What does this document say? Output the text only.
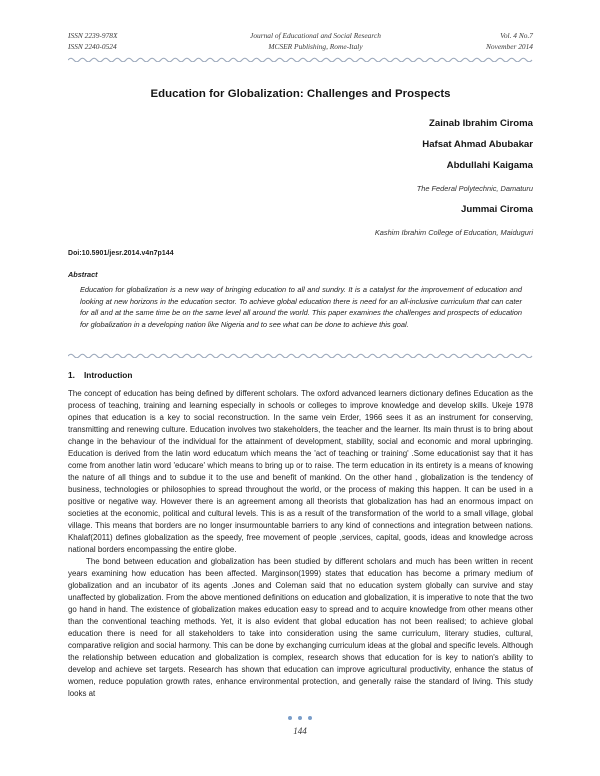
ISSN 2239-978X
ISSN 2240-0524
Journal of Educational and Social Research
MCSER Publishing, Rome-Italy
Vol. 4 No.7
November 2014
Education for Globalization: Challenges and Prospects
Zainab Ibrahim Ciroma
Hafsat Ahmad Abubakar
Abdullahi Kaigama
The Federal Polytechnic, Damaturu
Jummai Ciroma
Kashim Ibrahim College of Education, Maiduguri
Doi:10.5901/jesr.2014.v4n7p144
Abstract
Education for globalization is a new way of bringing education to all and sundry. It is a catalyst for the improvement of education and looking at new horizons in the education sector. To achieve global education there is need for an all-inclusive curriculum that can cater for all and at the same time be on the same level all around the world. This paper examines the challenges and prospects of education for globalization in a developing nation like Nigeria and to see what can be done to achieve this goal.
1. Introduction

The concept of education has being defined by different scholars. The oxford advanced learners dictionary defines Education as the process of teaching, training and learning especially in schools or colleges to improve knowledge and develop skills. Ukeje 1978 opines that education is a key to social reconstruction. In the same vein Erder, 1966 sees it as an instrument for conserving, transmitting and renewing culture. Education involves two stakeholders, the teacher and the learner. Its main thrust is to bring about change in the behaviour of the individual for the attainment of development, stability, social and economic and moral upbringing. Education is derived from the latin word educatum which means the 'act of teaching or training' .Some educationist say that it has come from another latin word 'educare' which means to bring up or to raise. The term education in its entirety is a means of knowing the nature of all things and to subdue it to the use and benefit of mankind. On the other hand , globalization is the tendency of business, technologies or philosophies to spread throughout the world, or the process of making this happen. It can be used in a positive or negative way. However there is an agreement among all theorists that globalization has had an enormous impact on societies at the economic, political and cultural levels. This is as a result of the transformation of the world to a small village, global village. This means that borders are no longer insurmountable barriers to any kind of connections and integration between nations. Khalaf(2011) defines globalization as the speedy, free movement of people ,services, capital, goods, ideas and knowledge across national borders encompassing the entire globe.

The bond between education and globalization has been studied by different scholars and much has been written in recent years examining how education has been affected. Marginson(1999) states that education has become a primary medium of globalization and an incubator of its agents .Jones and Coleman said that no education system globally can survive and stay unaffected by globalization. From the above mentioned definitions on education and globalization, it is imperative to note that the two go hand in hand. The existence of globalization makes education easy to spread and to acquire knowledge from other means other than the conventional teaching methods. Yet, it is also evident that global education has not been realised; to achieve global education there is need for all stakeholders to take into consideration using the same curriculum, literary studies, cultural, comparative religion and social harmony. This can be done by exchanging curriculum ideas at the global and specific levels. Although the relationship between education and globalization is complex, research shows that education for is key to nation's ability to develop and achieve set targets. Research has shown that education can improve agricultural productivity, enhance the status of women, reduce population growth rates, enhance environmental protection, and generally raise the standard of living. This study looks at

144
